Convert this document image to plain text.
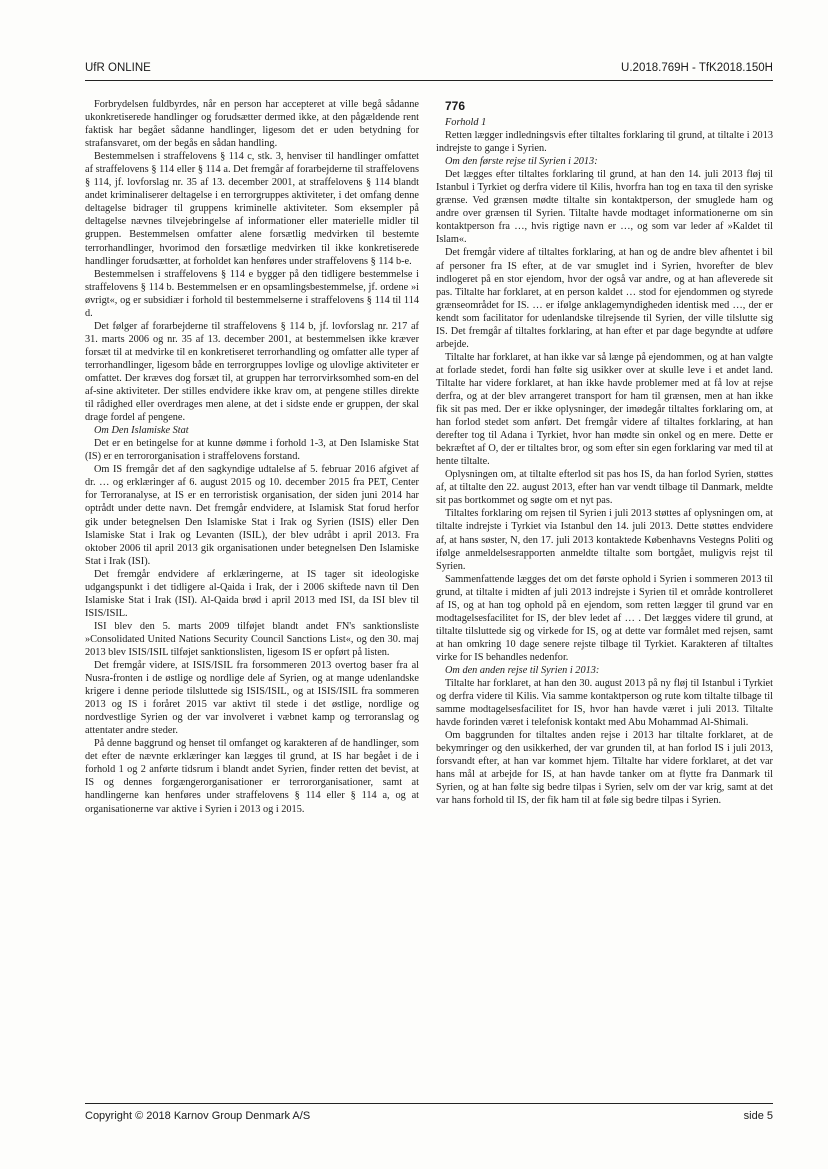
UfR ONLINE	U.2018.769H - TfK2018.150H

Forbrydelsen fuldbyrdes, når en person har accepteret at ville begå sådanne ukonkretiserede handlinger og forudsætter dermed ikke, at den pågældende rent faktisk har begået sådanne handlinger, ligesom det er uden betydning for strafansvaret, om der begås en sådan handling.

Bestemmelsen i straffelovens § 114 c, stk. 3, henviser til handlinger omfattet af straffelovens § 114 eller § 114 a. Det fremgår af forarbejderne til straffelovens § 114, jf. lovforslag nr. 35 af 13. december 2001, at straffelovens § 114 blandt andet kriminaliserer deltagelse i en terrorgruppes aktiviteter, i det omfang denne deltagelse bidrager til gruppens kriminelle aktiviteter. Som eksempler på deltagelse nævnes tilvejebringelse af informationer eller materielle midler til gruppen. Bestemmelsen omfatter alene forsætlig medvirken til bestemte terrorhandlinger, hvorimod den forsætlige medvirken til ikke konkretiserede handlinger forudsætter, at forholdet kan henføres under straffelovens § 114 b-e.

Bestemmelsen i straffelovens § 114 e bygger på den tidligere bestemmelse i straffelovens § 114 b. Bestemmelsen er en opsamlingsbestemmelse, jf. ordene »i øvrigt«, og er subsidiær i forhold til bestemmelserne i straffelovens § 114 til 114 d.

Det følger af forarbejderne til straffelovens § 114 b, jf. lovforslag nr. 217 af 31. marts 2006 og nr. 35 af 13. december 2001, at bestemmelsen ikke kræver forsæt til at medvirke til en konkretiseret terrorhandling og omfatter alle typer af terrorhandlinger, ligesom både en terrorgruppes lovlige og ulovlige aktiviteter er omfattet. Der kræves dog forsæt til, at gruppen har terrorvirksomhed som-en del af-sine aktiviteter. Der stilles endvidere ikke krav om, at pengene stilles direkte til rådighed eller overdrages men alene, at det i sidste ende er gruppen, der skal drage fordel af pengene.

Om Den Islamiske Stat

Det er en betingelse for at kunne dømme i forhold 1-3, at Den Islamiske Stat (IS) er en terrororganisation i straffelovens forstand.

Om IS fremgår det af den sagkyndige udtalelse af 5. februar 2016 afgivet af dr. … og erklæringer af 6. august 2015 og 10. december 2015 fra PET, Center for Terroranalyse, at IS er en terroristisk organisation, der siden juni 2014 har optrådt under dette navn. Det fremgår endvidere, at Islamisk Stat forud herfor gik under betegnelsen Den Islamiske Stat i Irak og Syrien (ISIS) eller Den Islamiske Stat i Irak og Levanten (ISIL), der blev udråbt i april 2013. Fra oktober 2006 til april 2013 gik organisationen under betegnelsen Den Islamiske Stat i Irak (ISI).

Det fremgår endvidere af erklæringerne, at IS tager sit ideologiske udgangspunkt i det tidligere al-Qaida i Irak, der i 2006 skiftede navn til Den Islamiske Stat i Irak (ISI). Al-Qaida brød i april 2013 med ISI, da ISI blev til ISIS/ISIL.

ISI blev den 5. marts 2009 tilføjet blandt andet FN's sanktionsliste »Consolidated United Nations Security Council Sanctions List«, og den 30. maj 2013 blev ISIS/ISIL tilføjet sanktionslisten, ligesom IS er opført på listen.

Det fremgår videre, at ISIS/ISIL fra forsommeren 2013 overtog baser fra al Nusra-fronten i de østlige og nordlige dele af Syrien, og at mange udenlandske krigere i denne periode tilsluttede sig ISIS/ISIL, og at ISIS/ISIL fra sommeren 2013 og IS i foråret 2015 var aktivt til stede i det østlige, nordlige og nordvestlige Syrien og der var involveret i væbnet kamp og terroranslag og attentater andre steder.

På denne baggrund og henset til omfanget og karakteren af de handlinger, som det efter de nævnte erklæringer kan lægges til grund, at IS har begået i de i forhold 1 og 2 anførte tidsrum i blandt andet Syrien, finder retten det bevist, at IS og dennes forgængerorganisationer er terrororganisationer, samt at handlingerne kan henføres under straffelovens § 114 eller § 114 a, og at organisationerne var aktive i Syrien i 2013 og i 2015.

776

Forhold 1

Retten lægger indledningsvis efter tiltaltes forklaring til grund, at tiltalte i 2013 indrejste to gange i Syrien.

Om den første rejse til Syrien i 2013:

Det lægges efter tiltaltes forklaring til grund, at han den 14. juli 2013 fløj til Istanbul i Tyrkiet og derfra videre til Kilis, hvorfra han tog en taxa til den syriske grænse. Ved grænsen mødte tiltalte sin kontaktperson, der smuglede ham og andre over grænsen til Syrien. Tiltalte havde modtaget informationerne om sin kontaktperson fra …, hvis rigtige navn er …, og som var leder af »Kaldet til Islam«.

Det fremgår videre af tiltaltes forklaring, at han og de andre blev afhentet i bil af personer fra IS efter, at de var smuglet ind i Syrien, hvorefter de blev indlogeret på en stor ejendom, hvor der også var andre, og at han afleverede sit pas. Tiltalte har forklaret, at en person kaldet … stod for ejendommen og styrede grænseområdet for IS. … er ifølge anklagemyndigheden identisk med …, der er kendt som facilitator for udenlandske tilrejsende til Syrien, der ville tilslutte sig IS. Det fremgår af tiltaltes forklaring, at han efter et par dage begyndte at udføre arbejde.

Tiltalte har forklaret, at han ikke var så længe på ejendommen, og at han valgte at forlade stedet, fordi han følte sig usikker over at skulle leve i et andet land. Tiltalte har videre forklaret, at han ikke havde problemer med at få lov at rejse derfra, og at der blev arrangeret transport for ham til grænsen, men at han ikke fik sit pas med. Der er ikke oplysninger, der imødegår tiltaltes forklaring om, at han forlod stedet som anført. Det fremgår videre af tiltaltes forklaring, at han derefter tog til Adana i Tyrkiet, hvor han mødte sin onkel og en mere. Dette er bekræftet af O, der er tiltaltes bror, og som efter sin egen forklaring var med til at hente tiltalte.

Oplysningen om, at tiltalte efterlod sit pas hos IS, da han forlod Syrien, støttes af, at tiltalte den 22. august 2013, efter han var vendt tilbage til Danmark, meldte sit pas bortkommet og søgte om et nyt pas.

Tiltaltes forklaring om rejsen til Syrien i juli 2013 støttes af oplysningen om, at tiltalte indrejste i Tyrkiet via Istanbul den 14. juli 2013. Dette støttes endvidere af, at hans søster, N, den 17. juli 2013 kontaktede Københavns Vestegns Politi og ifølge anmeldelsesrapporten anmeldte tiltalte som bortgået, muligvis rejst til Syrien.

Sammenfattende lægges det om det første ophold i Syrien i sommeren 2013 til grund, at tiltalte i midten af juli 2013 indrejste i Syrien til et område kontrolleret af IS, og at han tog ophold på en ejendom, som retten lægger til grund var en modtagelsesfacilitet for IS, der blev ledet af … . Det lægges videre til grund, at tiltalte tilsluttede sig og virkede for IS, og at dette var formålet med rejsen, samt at han omkring 10 dage senere rejste tilbage til Tyrkiet. Karakteren af tiltaltes virke for IS behandles nedenfor.

Om den anden rejse til Syrien i 2013:

Tiltalte har forklaret, at han den 30. august 2013 på ny fløj til Istanbul i Tyrkiet og derfra videre til Kilis. Via samme kontaktperson og rute kom tiltalte tilbage til samme modtagelsesfacilitet for IS, hvor han havde været i juli 2013. Tiltalte havde forinden været i telefonisk kontakt med Abu Mohammad Al-Shimali.

Om baggrunden for tiltaltes anden rejse i 2013 har tiltalte forklaret, at de bekymringer og den usikkerhed, der var grunden til, at han forlod IS i juli 2013, forsvandt efter, at han var kommet hjem. Tiltalte har videre forklaret, at det var hans mål at arbejde for IS, at han havde tanker om at flytte fra Danmark til Syrien, og at han følte sig bedre tilpas i Syrien, selv om der var krig, samt at det var hans forhold til IS, der fik ham til at føle sig bedre tilpas i Syrien.

Copyright © 2018 Karnov Group Denmark A/S	side 5
